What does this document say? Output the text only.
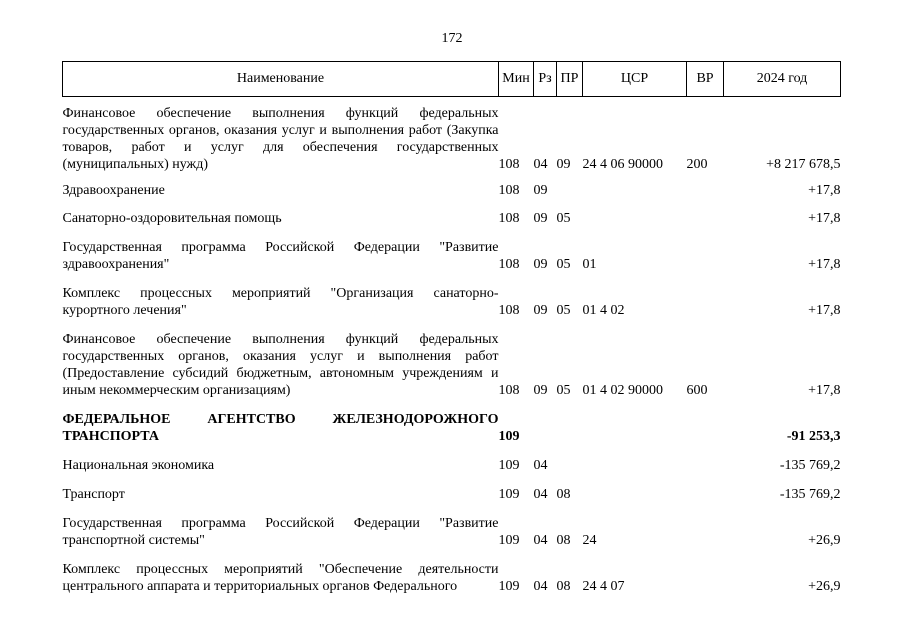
172
Наименование	Мин	Рз	ПР	ЦСР	ВР	2024 год
Финансовое обеспечение выполнения функций федеральных государственных органов, оказания услуг и выполнения работ (Закупка товаров, работ и услуг для обеспечения государственных (муниципальных) нужд)	108	04	09	24 4 06 90000	200	+8 217 678,5
Здравоохранение	108	09				+17,8
Санаторно-оздоровительная помощь	108	09	05			+17,8
Государственная программа Российской Федерации "Развитие здравоохранения"	108	09	05	01		+17,8
Комплекс процессных мероприятий "Организация санаторно-курортного лечения"	108	09	05	01 4 02		+17,8
Финансовое обеспечение выполнения функций федеральных государственных органов, оказания услуг и выполнения работ (Предоставление субсидий бюджетным, автономным учреждениям и иным некоммерческим организациям)	108	09	05	01 4 02 90000	600	+17,8
ФЕДЕРАЛЬНОЕ АГЕНТСТВО ЖЕЛЕЗНОДОРОЖНОГО ТРАНСПОРТА	109					-91 253,3
Национальная экономика	109	04				-135 769,2
Транспорт	109	04	08			-135 769,2
Государственная программа Российской Федерации "Развитие транспортной системы"	109	04	08	24		+26,9
Комплекс процессных мероприятий "Обеспечение деятельности центрального аппарата и территориальных органов Федерального	109	04	08	24 4 07		+26,9
